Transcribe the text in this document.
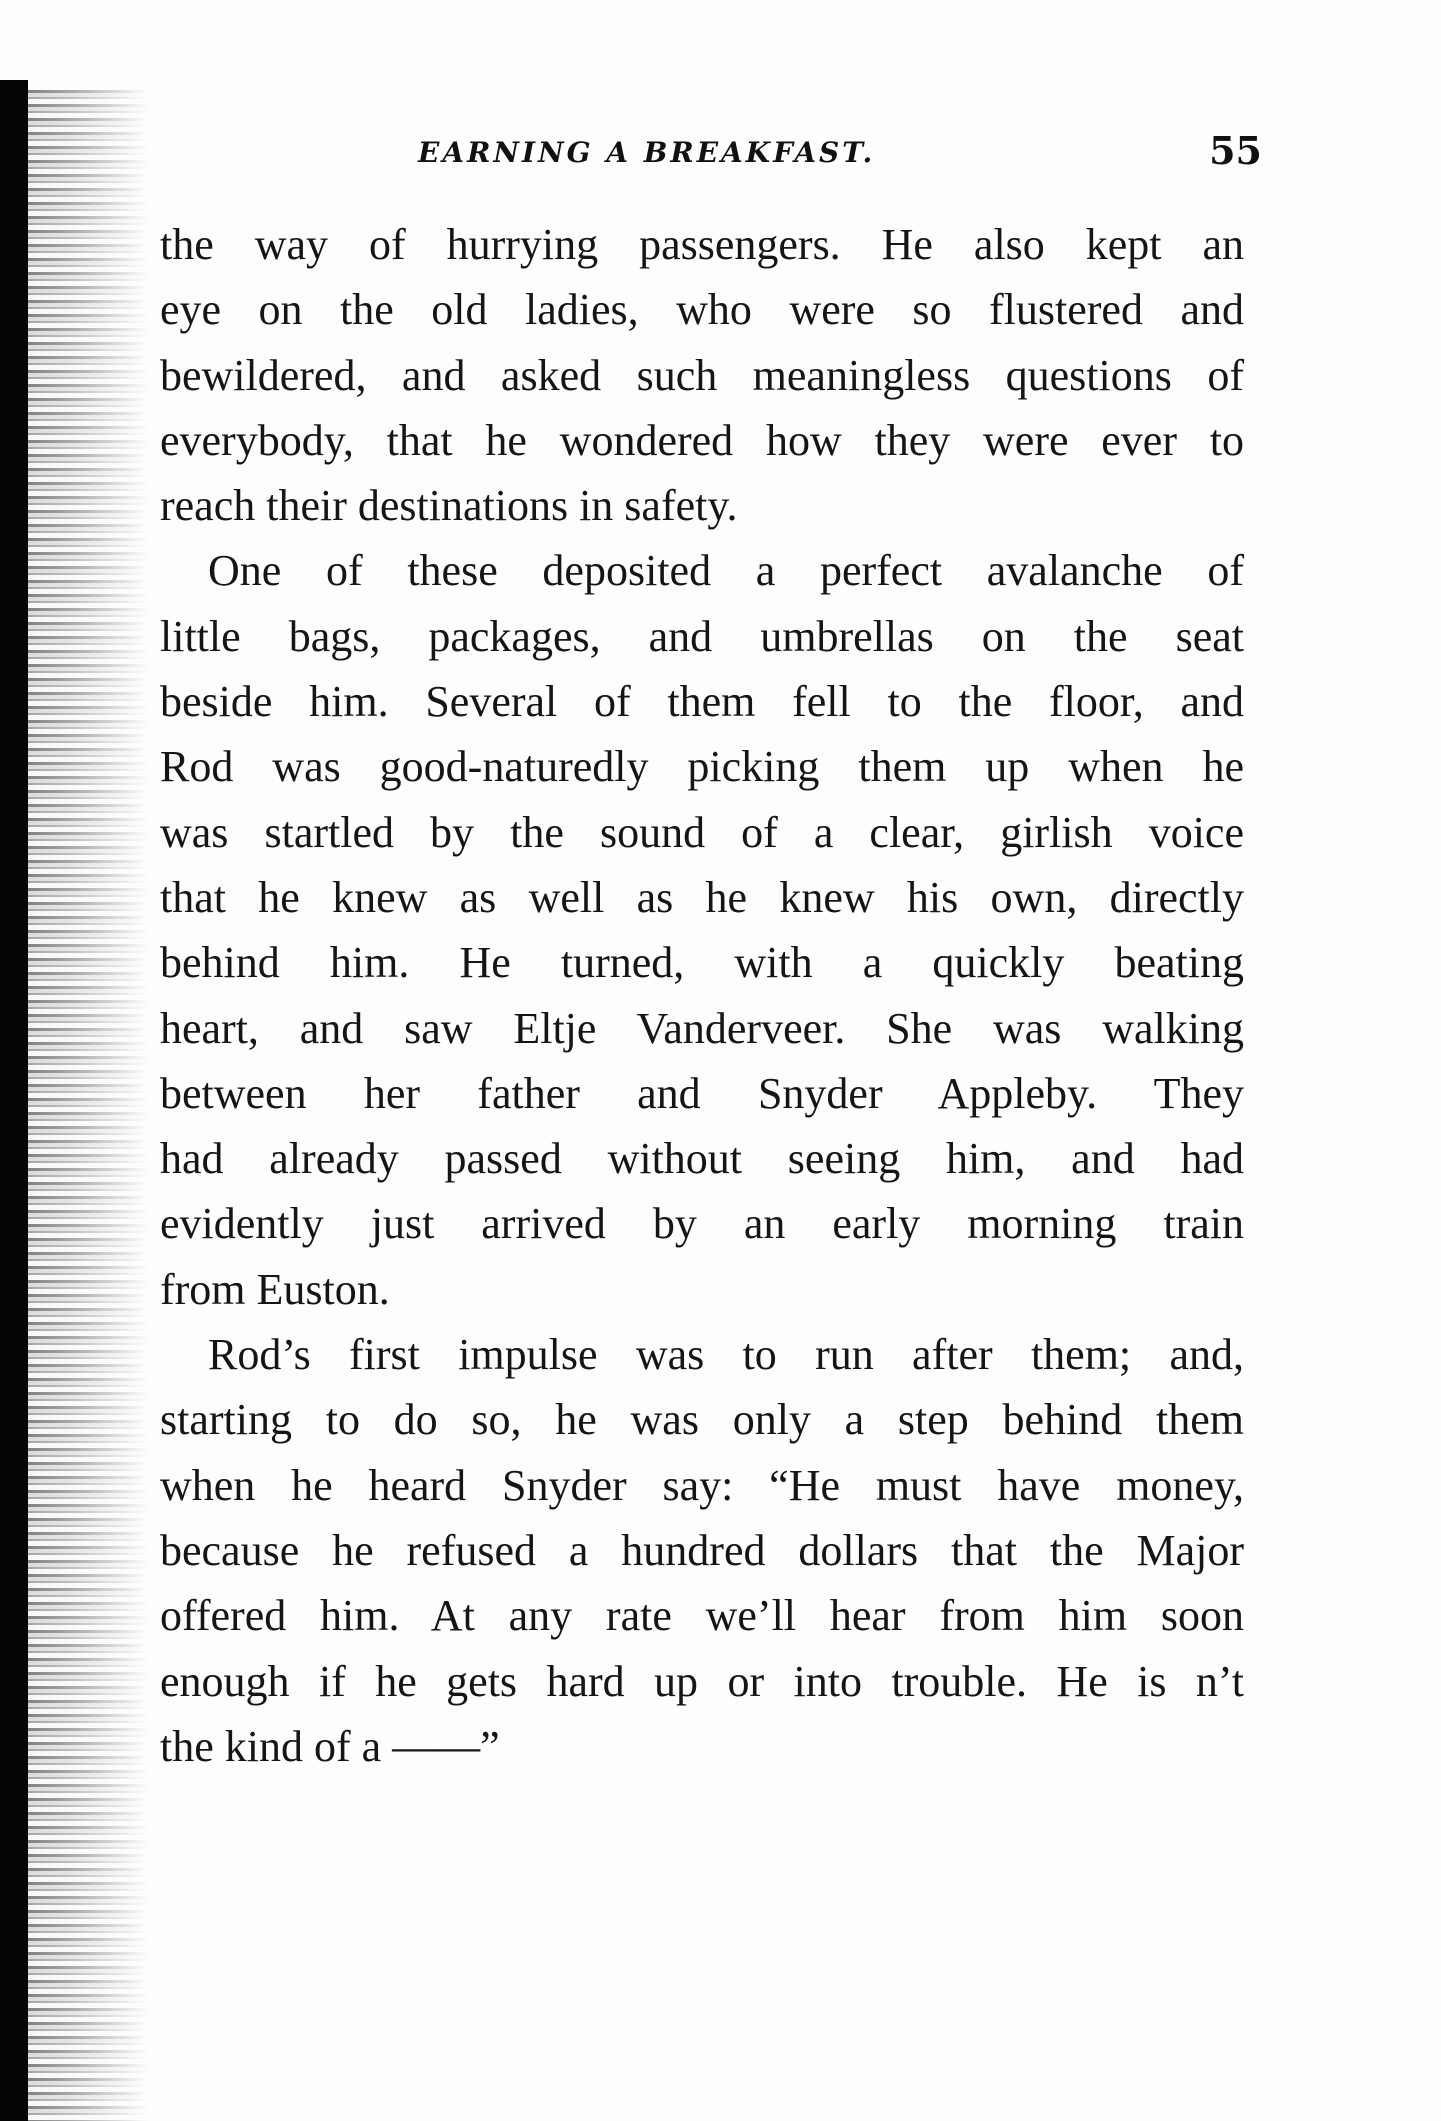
EARNING A BREAKFAST.	55

the way of hurrying passengers. He also kept an
eye on the old ladies, who were so flustered and
bewildered, and asked such meaningless questions of
everybody, that he wondered how they were ever to
reach their destinations in safety.

One of these deposited a perfect avalanche of
little bags, packages, and umbrellas on the seat
beside him. Several of them fell to the floor, and
Rod was good-naturedly picking them up when he
was startled by the sound of a clear, girlish voice
that he knew as well as he knew his own, directly
behind him. He turned, with a quickly beating
heart, and saw Eltje Vanderveer. She was walking
between her father and Snyder Appleby. They
had already passed without seeing him, and had
evidently just arrived by an early morning train
from Euston.

Rod’s first impulse was to run after them; and,
starting to do so, he was only a step behind them
when he heard Snyder say: “He must have money,
because he refused a hundred dollars that the Major
offered him. At any rate we’ll hear from him soon
enough if he gets hard up or into trouble. He is n’t
the kind of a ——”
